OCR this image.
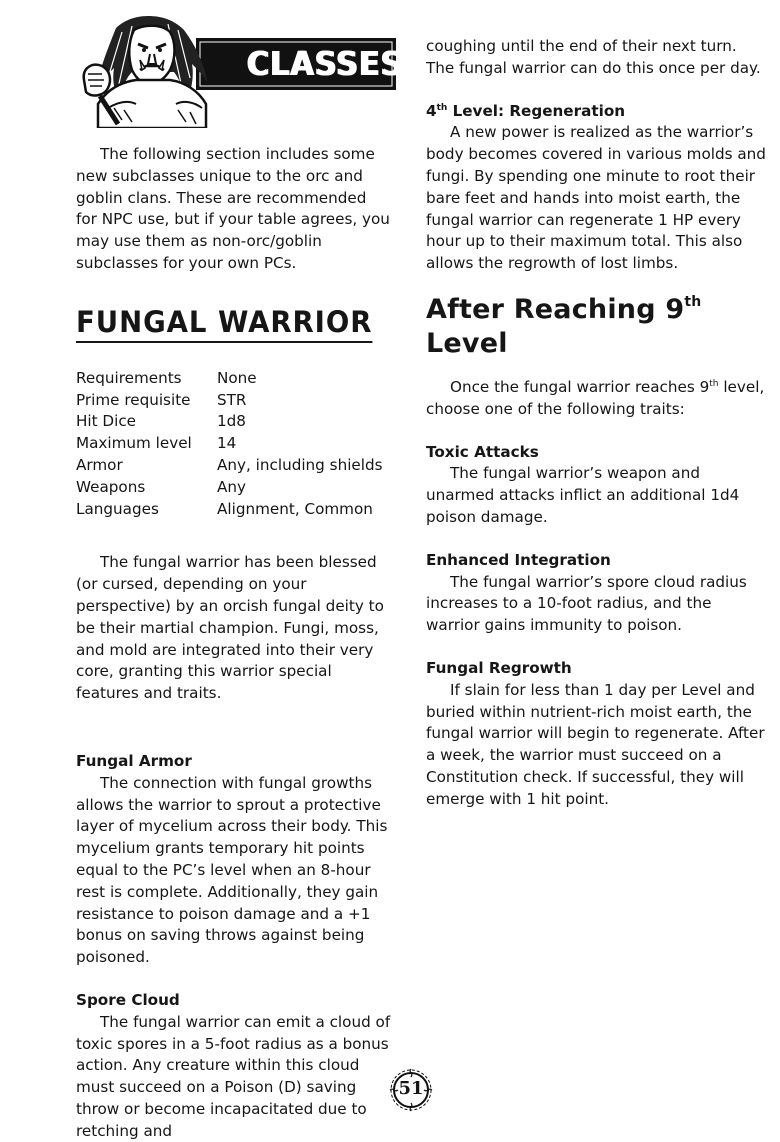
CLASSES

The following section includes some new subclasses unique to the orc and goblin clans. These are recommended for NPC use, but if your table agrees, you may use them as non-orc/goblin subclasses for your own PCs.

FUNGAL WARRIOR
Requirements	None
Prime requisite	STR
Hit Dice	1d8
Maximum level	14
Armor	Any, including shields
Weapons	Any
Languages	Alignment, Common

The fungal warrior has been blessed (or cursed, depending on your perspective) by an orcish fungal deity to be their martial champion. Fungi, moss, and mold are integrated into their very core, granting this warrior special features and traits.

Fungal Armor

The connection with fungal growths allows the warrior to sprout a protective layer of mycelium across their body. This mycelium grants temporary hit points equal to the PC’s level when an 8-hour rest is complete. Additionally, they gain resistance to poison damage and a +1 bonus on saving throws against being poisoned.

Spore Cloud

The fungal warrior can emit a cloud of toxic spores in a 5-foot radius as a bonus action. Any creature within this cloud must succeed on a Poison (D) saving throw or become incapacitated due to retching and

coughing until the end of their next turn. The fungal warrior can do this once per day.

4th Level: Regeneration

A new power is realized as the warrior’s body becomes covered in various molds and fungi. By spending one minute to root their bare feet and hands into moist earth, the fungal warrior can regenerate 1 HP every hour up to their maximum total. This also allows the regrowth of lost limbs.

After Reaching 9th Level

Once the fungal warrior reaches 9th level, choose one of the following traits:

Toxic Attacks

The fungal warrior’s weapon and unarmed attacks inflict an additional 1d4 poison damage.

Enhanced Integration

The fungal warrior’s spore cloud radius increases to a 10-foot radius, and the warrior gains immunity to poison.

Fungal Regrowth

If slain for less than 1 day per Level and buried within nutrient-rich moist earth, the fungal warrior will begin to regenerate. After a week, the warrior must succeed on a Constitution check. If successful, they will emerge with 1 hit point.

51
